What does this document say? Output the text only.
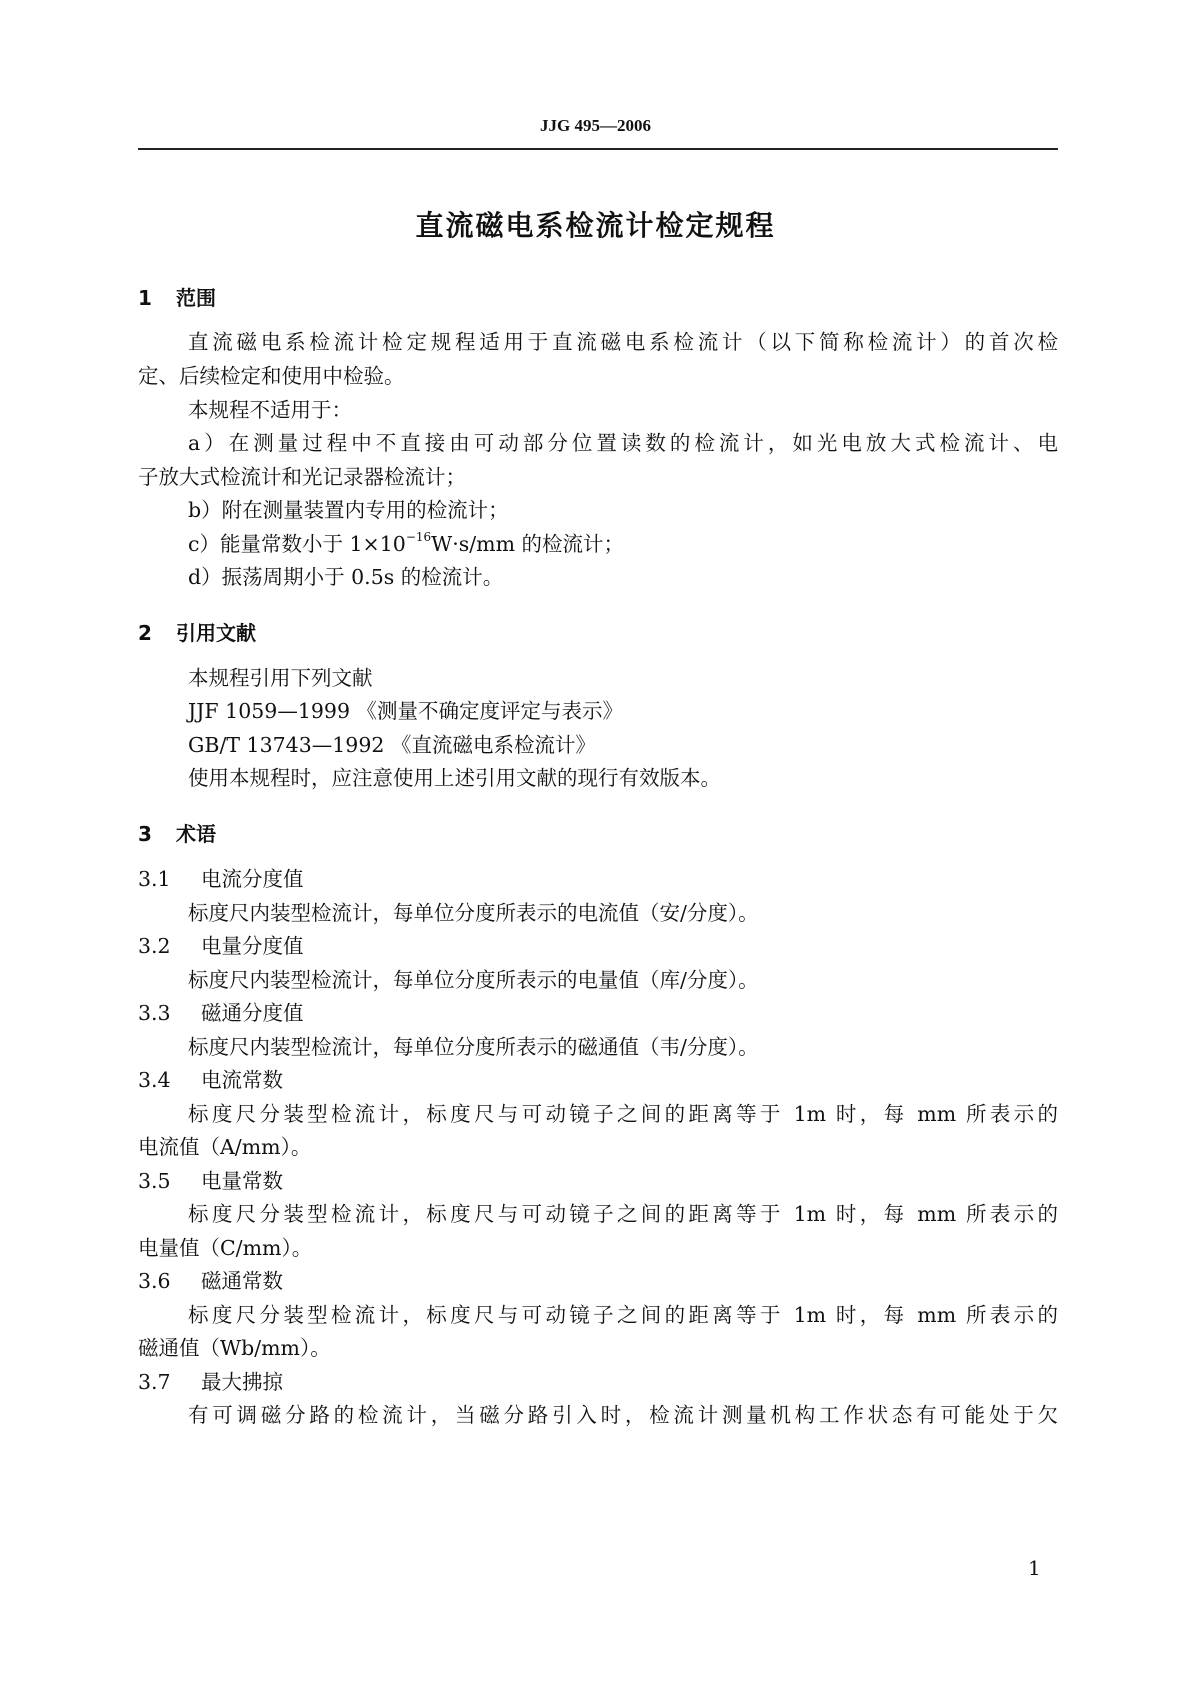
JJG 495—2006
直流磁电系检流计检定规程
1 范围
直流磁电系检流计检定规程适用于直流磁电系检流计（以下简称检流计）的首次检
定、后续检定和使用中检验。
本规程不适用于：
a）在测量过程中不直接由可动部分位置读数的检流计，如光电放大式检流计、电
子放大式检流计和光记录器检流计；
b）附在测量装置内专用的检流计；
c）能量常数小于 $1\times 10^{-16}W\cdot s/mm$ 的检流计；
d）振荡周期小于 0.5s 的检流计。
2 引用文献
本规程引用下列文献
JJF 1059—1999 《测量不确定度评定与表示》
GB/T 13743—1992 《直流磁电系检流计》
使用本规程时，应注意使用上述引用文献的现行有效版本。
3 术语
3.1 电流分度值
标度尺内装型检流计，每单位分度所表示的电流值（安/分度）。
3.2 电量分度值
标度尺内装型检流计，每单位分度所表示的电量值（库/分度）。
3.3 磁通分度值
标度尺内装型检流计，每单位分度所表示的磁通值（韦/分度）。
3.4 电流常数
标度尺分装型检流计，标度尺与可动镜子之间的距离等于 1m 时，每 mm 所表示的
电流值（A/mm）。
3.5 电量常数
标度尺分装型检流计，标度尺与可动镜子之间的距离等于 1m 时，每 mm 所表示的
电量值（C/mm）。
3.6 磁通常数
标度尺分装型检流计，标度尺与可动镜子之间的距离等于 1m 时，每 mm 所表示的
磁通值（Wb/mm）。
3.7 最大拂掠
有可调磁分路的检流计，当磁分路引入时，检流计测量机构工作状态有可能处于欠
1
